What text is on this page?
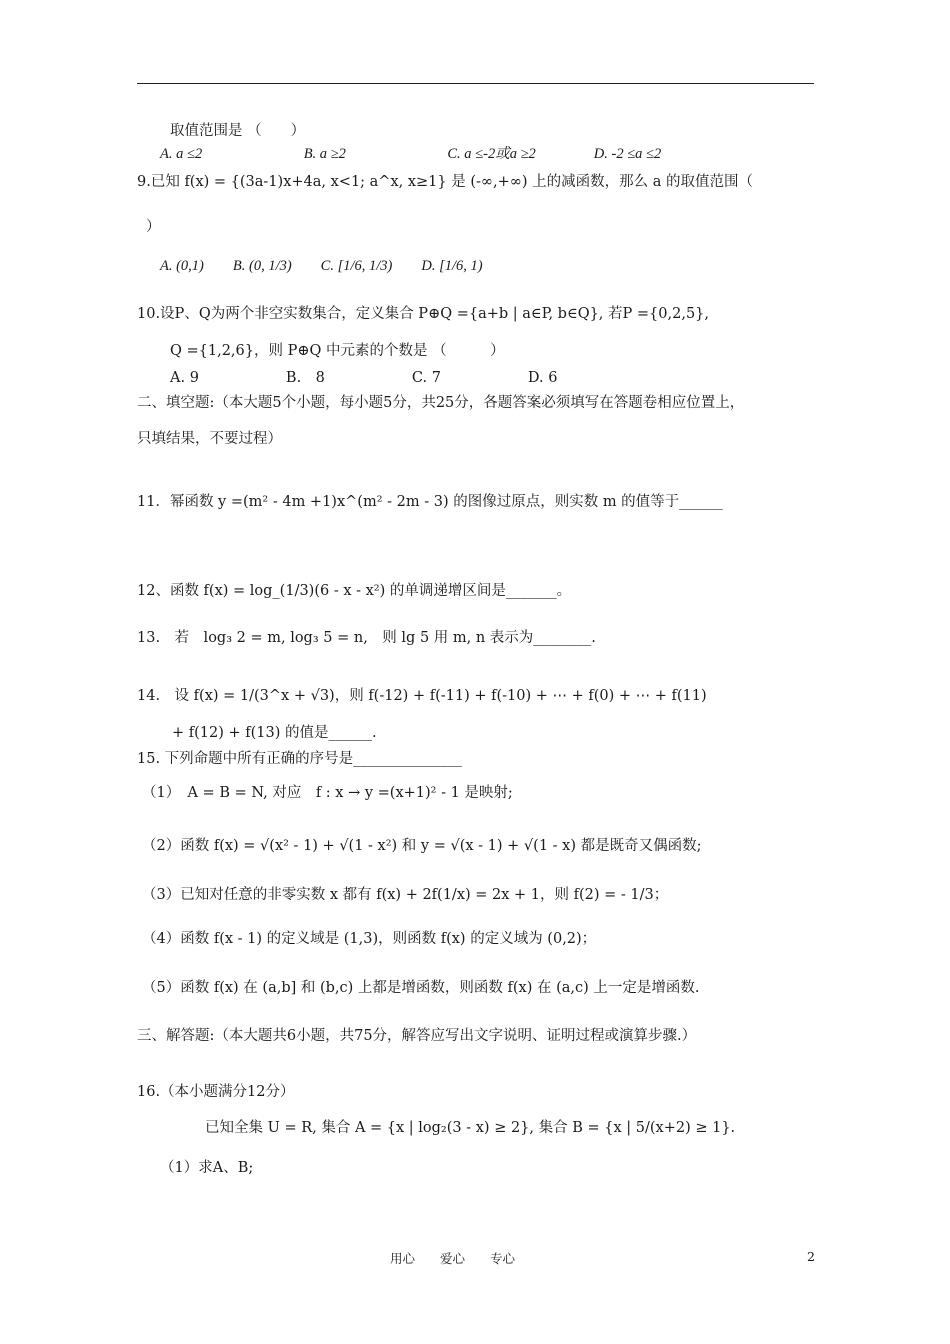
取值范围是 （　　）
A. a ≤2　　　　　　　B. a ≥2　　　　　　　C. a ≤-2或a ≥2　　　　D. -2 ≤a ≤2
9.已知 f(x) = {(3a-1)x+4a, x<1; a^x, x≥1} 是 (-∞,+∞) 上的减函数，那么 a 的取值范围（
）
A. (0,1)　　B. (0, 1/3)　　C. [1/6, 1/3)　　D. [1/6, 1)
10.设P、Q为两个非空实数集合，定义集合 P⊕Q ={a+b | a∈P, b∈Q}, 若P ={0,2,5},
Q ={1,2,6}，则 P⊕Q 中元素的个数是 （　　　）
A. 9　　　　　　B.　8　　　　　　C. 7　　　　　　D. 6
二、填空题:（本大题5个小题，每小题5分，共25分，各题答案必须填写在答题卷相应位置上，
只填结果，不要过程）
11．幂函数 y =(m² - 4m +1)x^(m² - 2m - 3) 的图像过原点，则实数 m 的值等于______
12、函数 f(x) = log_(1/3)(6 - x - x²) 的单调递增区间是_______。
13.　若　log₃ 2 = m, log₃ 5 = n,　则 lg 5 用 m, n 表示为________.
14.　设 f(x) = 1/(3^x + √3)，则 f(-12) + f(-11) + f(-10) + ⋯ + f(0) + ⋯ + f(11)
+ f(12) + f(13) 的值是______.
15. 下列命题中所有正确的序号是_______________
（1）　A = B = N, 对应　f : x → y =(x+1)² - 1 是映射;
（2）函数 f(x) = √(x² - 1) + √(1 - x²) 和 y = √(x - 1) + √(1 - x) 都是既奇又偶函数;
（3）已知对任意的非零实数 x 都有 f(x) + 2f(1/x) = 2x + 1，则 f(2) = - 1/3；
（4）函数 f(x - 1) 的定义域是 (1,3)，则函数 f(x) 的定义域为 (0,2)；
（5）函数 f(x) 在 (a,b] 和 (b,c) 上都是增函数，则函数 f(x) 在 (a,c) 上一定是增函数.
三、解答题:（本大题共6小题，共75分，解答应写出文字说明、证明过程或演算步骤.）
16.（本小题满分12分）
已知全集 U = R, 集合 A = {x | log₂(3 - x) ≥ 2}, 集合 B = {x | 5/(x+2) ≥ 1}.
（1）求A、B;
用心　　爱心　　专心	2
